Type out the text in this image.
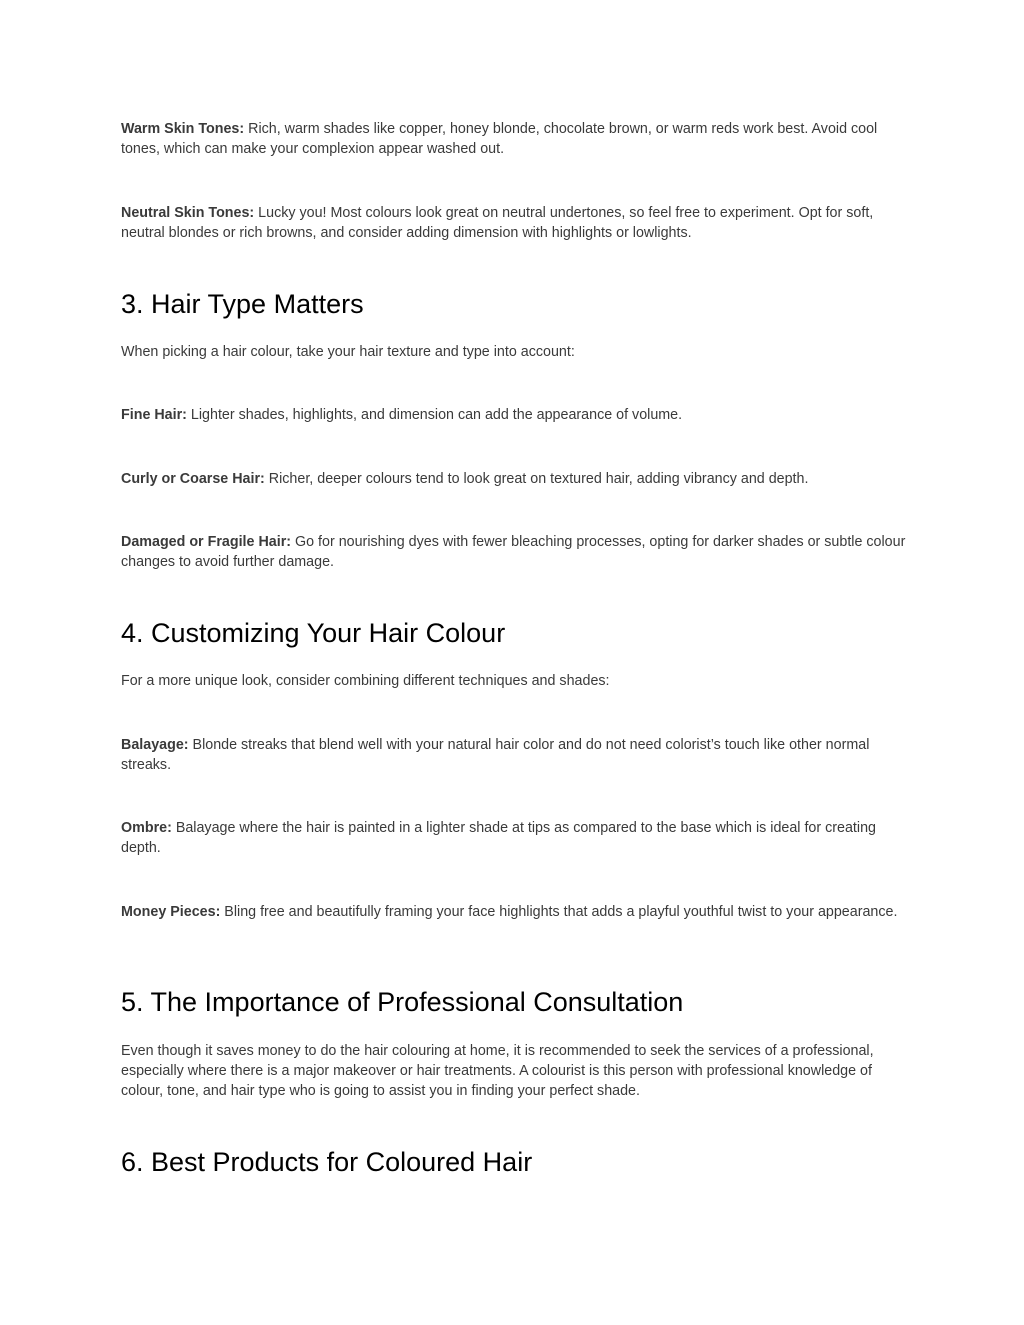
Warm Skin Tones: Rich, warm shades like copper, honey blonde, chocolate brown, or warm reds work best. Avoid cool tones, which can make your complexion appear washed out.

Neutral Skin Tones: Lucky you! Most colours look great on neutral undertones, so feel free to experiment. Opt for soft, neutral blondes or rich browns, and consider adding dimension with highlights or lowlights.

3. Hair Type Matters

When picking a hair colour, take your hair texture and type into account:

Fine Hair: Lighter shades, highlights, and dimension can add the appearance of volume.

Curly or Coarse Hair: Richer, deeper colours tend to look great on textured hair, adding vibrancy and depth.

Damaged or Fragile Hair: Go for nourishing dyes with fewer bleaching processes, opting for darker shades or subtle colour changes to avoid further damage.

4. Customizing Your Hair Colour

For a more unique look, consider combining different techniques and shades:

Balayage: Blonde streaks that blend well with your natural hair color and do not need colorist’s touch like other normal streaks.

Ombre: Balayage where the hair is painted in a lighter shade at tips as compared to the base which is ideal for creating depth.

Money Pieces: Bling free and beautifully framing your face highlights that adds a playful youthful twist to your appearance.

5. The Importance of Professional Consultation

Even though it saves money to do the hair colouring at home, it is recommended to seek the services of a professional, especially where there is a major makeover or hair treatments. A colourist is this person with professional knowledge of colour, tone, and hair type who is going to assist you in finding your perfect shade.

6. Best Products for Coloured Hair
